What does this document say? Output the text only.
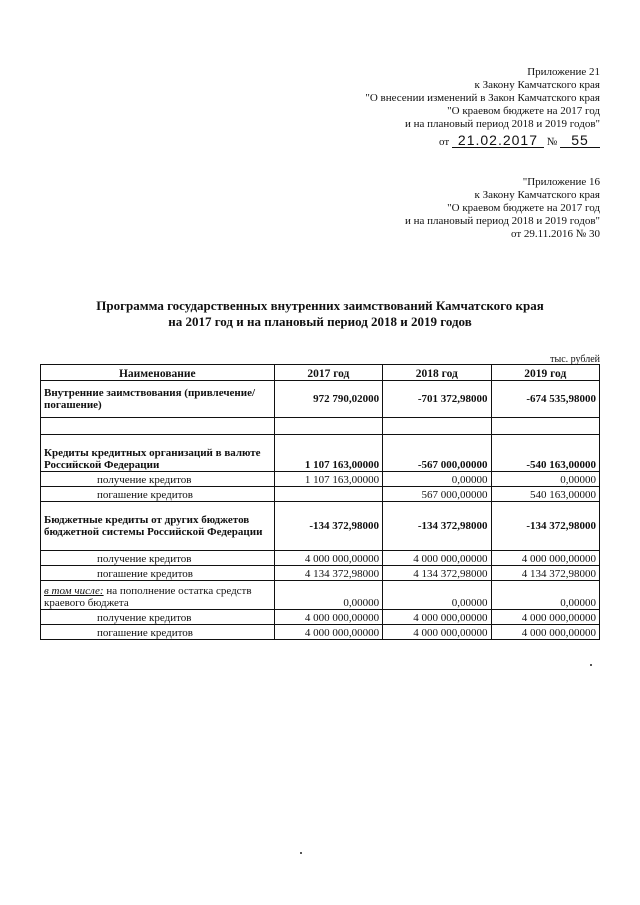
Приложение 21
к Закону Камчатского края
"О внесении изменений в Закон Камчатского края
"О краевом бюджете на 2017 год
и на плановый период 2018 и 2019 годов"
от 21.02.2017 № 55
"Приложение 16
к Закону Камчатского края
"О краевом бюджете на 2017 год
и на плановый период 2018 и 2019 годов"
от 29.11.2016 № 30
Программа государственных внутренних заимствований Камчатского края
на 2017 год и на плановый период 2018 и 2019 годов
тыс. рублей
Наименование	2017 год	2018 год	2019 год
Внутренние заимствования (привлечение/погашение)	972 790,02000	-701 372,98000	-674 535,98000

Кредиты кредитных организаций в валюте Российской Федерации	1 107 163,00000	-567 000,00000	-540 163,00000
получение кредитов	1 107 163,00000	0,00000	0,00000
погашение кредитов		567 000,00000	540 163,00000
Бюджетные кредиты от других бюджетов бюджетной системы Российской Федерации	-134 372,98000	-134 372,98000	-134 372,98000
получение кредитов	4 000 000,00000	4 000 000,00000	4 000 000,00000
погашение кредитов	4 134 372,98000	4 134 372,98000	4 134 372,98000
в том числе: на пополнение остатка средств краевого бюджета	0,00000	0,00000	0,00000
получение кредитов	4 000 000,00000	4 000 000,00000	4 000 000,00000
погашение кредитов	4 000 000,00000	4 000 000,00000	4 000 000,00000
